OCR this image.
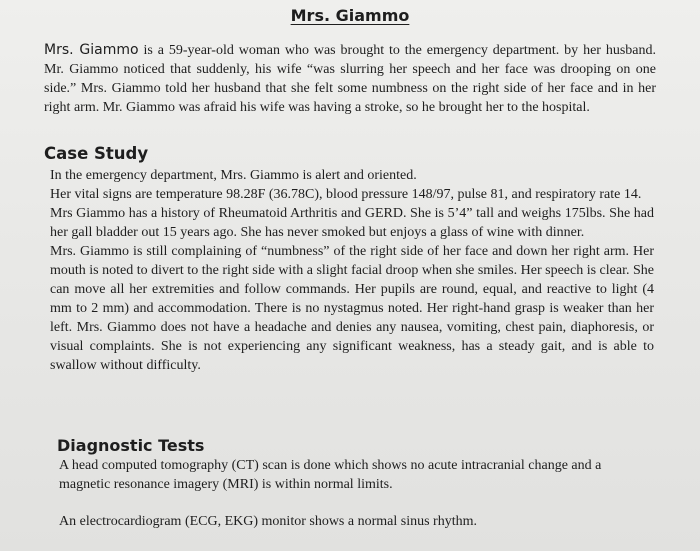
Mrs. Giammo
Mrs. Giammo is a 59-year-old woman who was brought to the emergency department. by her husband. Mr. Giammo noticed that suddenly, his wife “was slurring her speech and her face was drooping on one side.” Mrs. Giammo told her husband that she felt some numbness on the right side of her face and in her right arm. Mr. Giammo was afraid his wife was having a stroke, so he brought her to the hospital.
Case Study

In the emergency department, Mrs. Giammo is alert and oriented.

Her vital signs are temperature 98.28F (36.78C), blood pressure 148/97, pulse 81, and respiratory rate 14.

Mrs Giammo has a history of Rheumatoid Arthritis and GERD. She is 5’4” tall and weighs 175lbs. She had her gall bladder out 15 years ago. She has never smoked but enjoys a glass of wine with dinner.

Mrs. Giammo is still complaining of “numbness” of the right side of her face and down her right arm. Her mouth is noted to divert to the right side with a slight facial droop when she smiles. Her speech is clear. She can move all her extremities and follow commands. Her pupils are round, equal, and reactive to light (4 mm to 2 mm) and accommodation. There is no nystagmus noted. Her right-hand grasp is weaker than her left. Mrs. Giammo does not have a headache and denies any nausea, vomiting, chest pain, diaphoresis, or visual complaints. She is not experiencing any significant weakness, has a steady gait, and is able to swallow without difficulty.

Diagnostic Tests
A head computed tomography (CT) scan is done which shows no acute intracranial change and a magnetic resonance imagery (MRI) is within normal limits.
An electrocardiogram (ECG, EKG) monitor shows a normal sinus rhythm.
